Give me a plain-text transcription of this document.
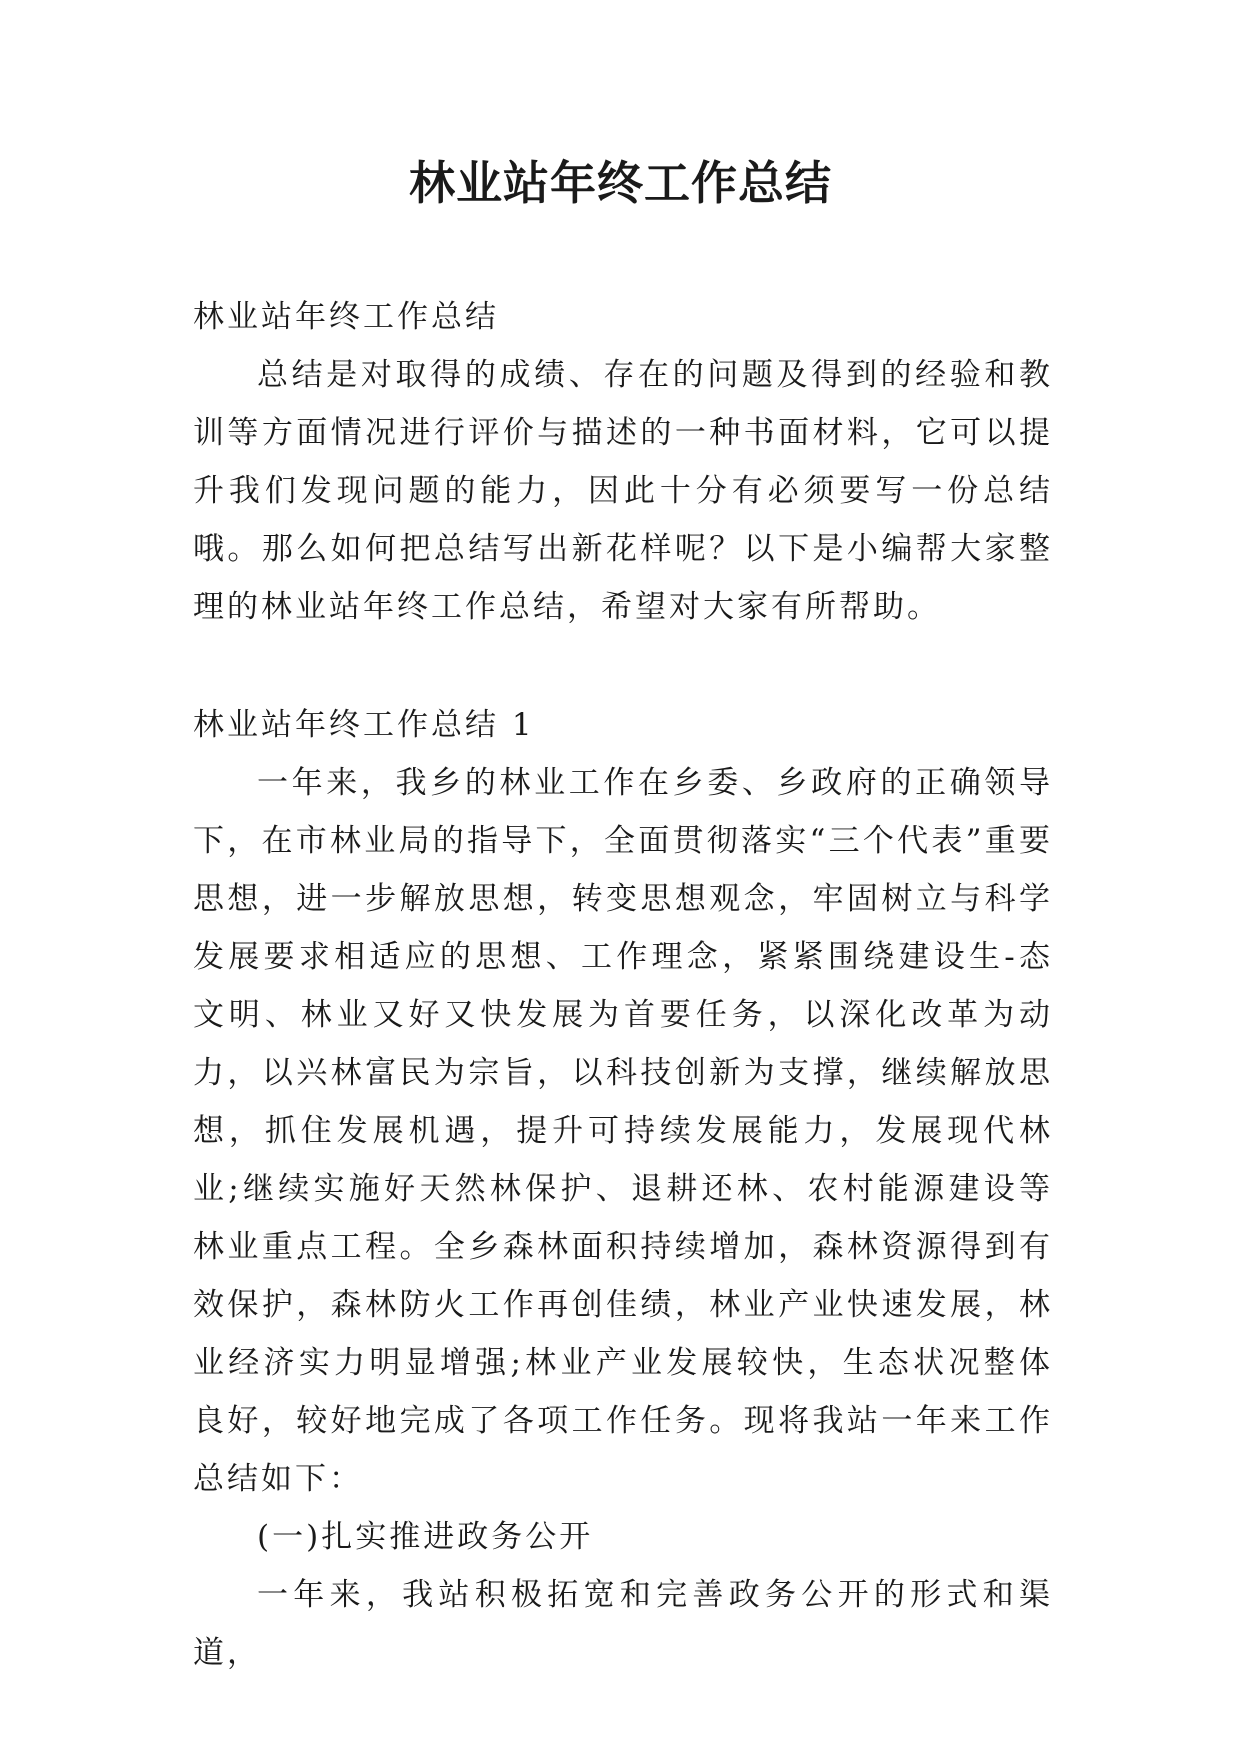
林业站年终工作总结

林业站年终工作总结

总结是对取得的成绩、存在的问题及得到的经验和教训等方面情况进行评价与描述的一种书面材料，它可以提升我们发现问题的能力，因此十分有必须要写一份总结哦。那么如何把总结写出新花样呢？以下是小编帮大家整理的林业站年终工作总结，希望对大家有所帮助。

林业站年终工作总结 1

一年来，我乡的林业工作在乡委、乡政府的正确领导下，在市林业局的指导下，全面贯彻落实“三个代表”重要思想，进一步解放思想，转变思想观念，牢固树立与科学发展要求相适应的思想、工作理念，紧紧围绕建设生-态文明、林业又好又快发展为首要任务，以深化改革为动力，以兴林富民为宗旨，以科技创新为支撑，继续解放思想，抓住发展机遇，提升可持续发展能力，发展现代林业;继续实施好天然林保护、退耕还林、农村能源建设等林业重点工程。全乡森林面积持续增加，森林资源得到有效保护，森林防火工作再创佳绩，林业产业快速发展，林业经济实力明显增强;林业产业发展较快，生态状况整体良好，较好地完成了各项工作任务。现将我站一年来工作总结如下：

(一)扎实推进政务公开

一年来，我站积极拓宽和完善政务公开的形式和渠道，
